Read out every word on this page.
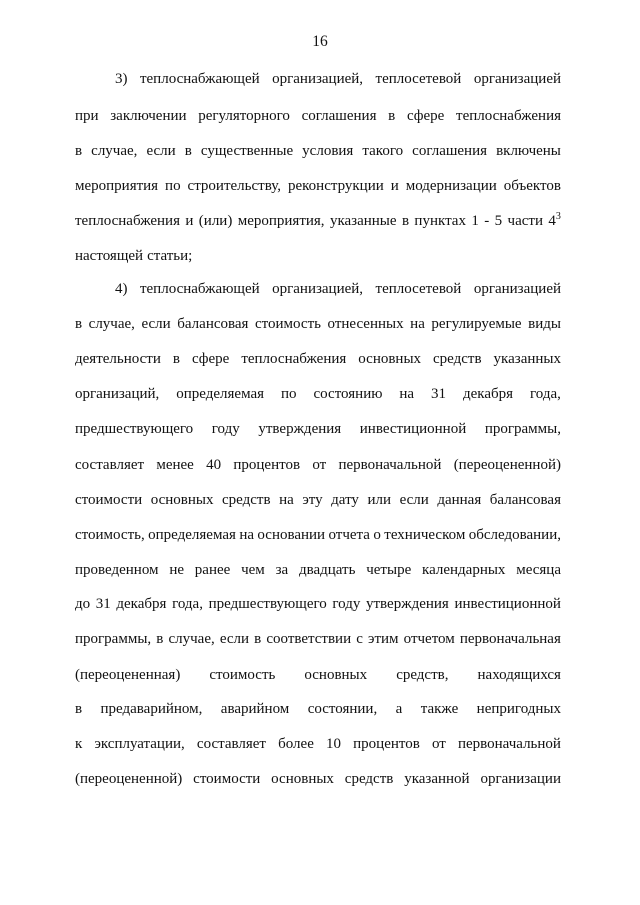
16
3) теплоснабжающей организацией, теплосетевой организацией
при заключении регуляторного соглашения в сфере теплоснабжения
в случае, если в существенные условия такого соглашения включены
мероприятия по строительству, реконструкции и модернизации объектов
теплоснабжения и (или) мероприятия, указанные в пунктах 1 - 5 части $4^3$
настоящей статьи;
4) теплоснабжающей организацией, теплосетевой организацией
в случае, если балансовая стоимость отнесенных на регулируемые виды
деятельности в сфере теплоснабжения основных средств указанных
организаций, определяемая по состоянию на 31 декабря года,
предшествующего году утверждения инвестиционной программы,
составляет менее 40 процентов от первоначальной (переоцененной)
стоимости основных средств на эту дату или если данная балансовая
стоимость, определяемая на основании отчета о техническом обследовании,
проведенном не ранее чем за двадцать четыре календарных месяца
до 31 декабря года, предшествующего году утверждения инвестиционной
программы, в случае, если в соответствии с этим отчетом первоначальная
(переоцененная) стоимость основных средств, находящихся
в предаварийном, аварийном состоянии, а также непригодных
к эксплуатации, составляет более 10 процентов от первоначальной
(переоцененной) стоимости основных средств указанной организации
